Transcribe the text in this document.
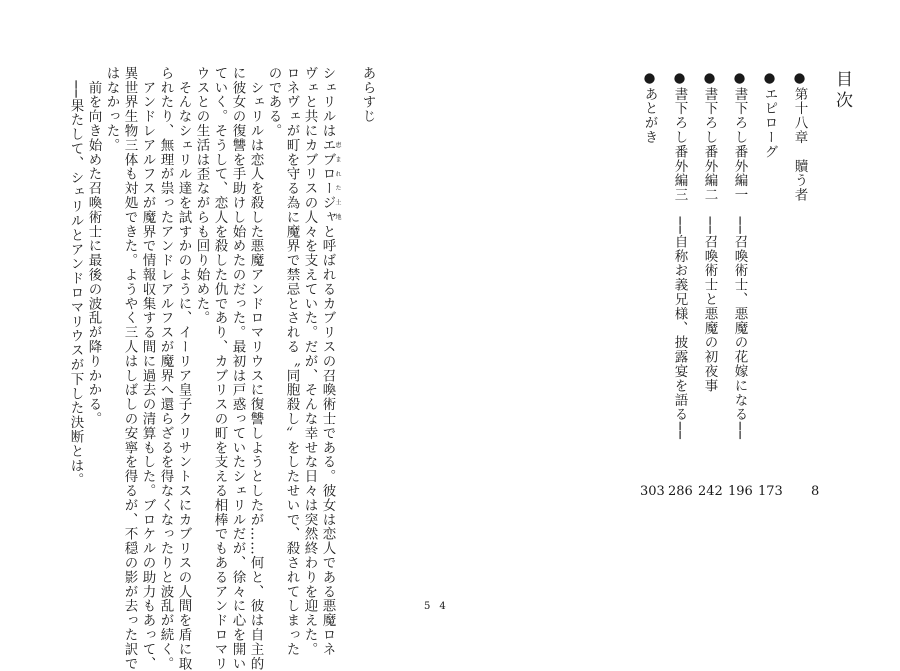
目次
●第十八章　贖う者
●エピローグ
●書下ろし番外編一　──召喚術士、悪魔の花嫁になる──
●書下ろし番外編二　──召喚術士と悪魔の初夜事
●書下ろし番外編三　──自称お義兄様、披露宴を語る──
●あとがき
8
173
196
242
286
303
あらすじ
シェリルはエブロージャ恵まれた土地と呼ばれるカブリスの召喚術士である。彼女は恋人である悪魔ロネ
ヴェと共にカブリスの人々を支えていた。だが、そんな幸せな日々は突然終わりを迎えた。
ロネヴェが町を守る為に魔界で禁忌とされる〝同胞殺し〟をしたせいで、殺されてしまった
のである。
　シェリルは恋人を殺した悪魔アンドロマリウスに復讐しようとしたが……何と、彼は自主的
に彼女の復讐を手助けし始めたのだった。最初は戸惑っていたシェリルだが、徐々に心を開い
ていく。そうして、恋人を殺した仇であり、カブリスの町を支える相棒でもあるアンドロマリ
ウスとの生活は歪ながらも回り始めた。
　そんなシェリル達を試すかのように、イーリア皇子クリサントスにカブリスの人間を盾に取
られたり、無理が祟ったアンドレアルフスが魔界へ還らざるを得なくなったりと波乱が続く。
　アンドレアルフスが魔界で情報収集する間に過去の清算もした。ブロケルの助力もあって、
異世界生物三体も対処できた。ようやく三人はしばしの安寧を得るが、不穏の影が去った訳で
はなかった。
　前を向き始めた召喚術士に最後の波乱が降りかかる。
　──果たして、シェリルとアンドロマリウスが下した決断とは。
54
